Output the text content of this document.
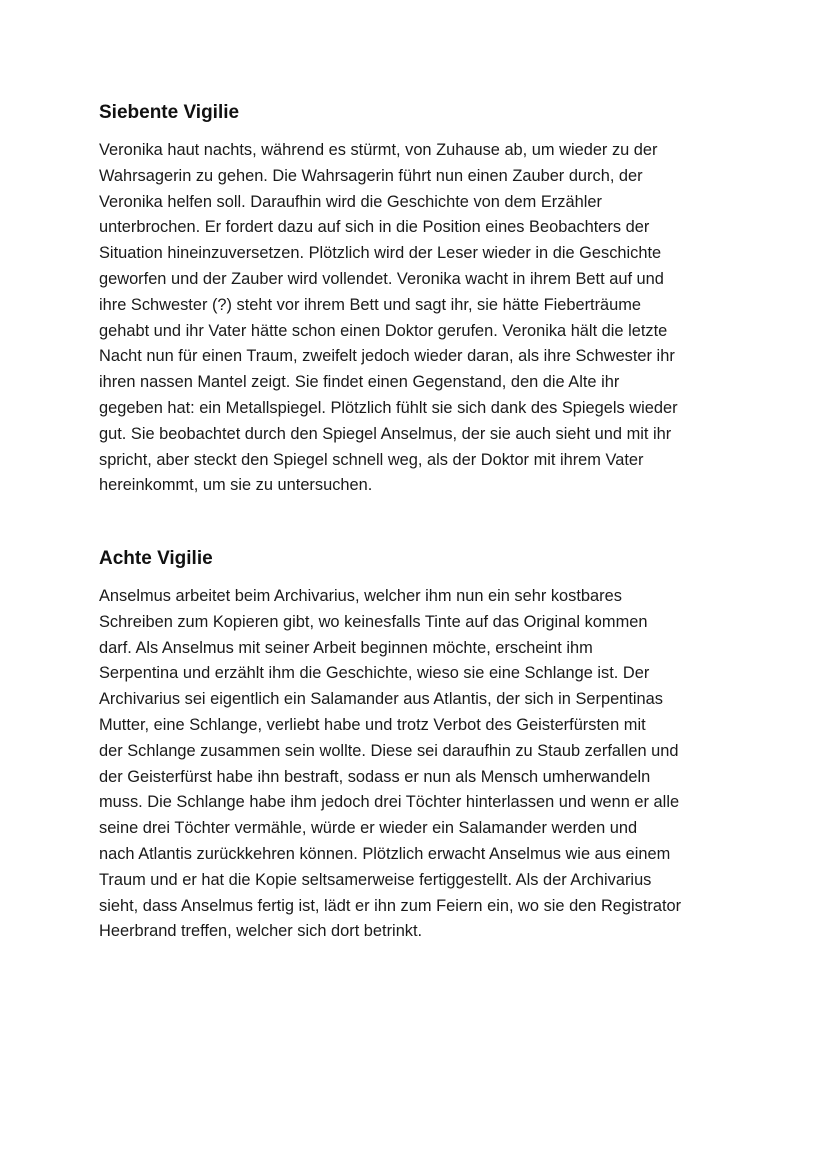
Siebente Vigilie
Veronika haut nachts, während es stürmt, von Zuhause ab, um wieder zu der
Wahrsagerin zu gehen. Die Wahrsagerin führt nun einen Zauber durch, der
Veronika helfen soll. Daraufhin wird die Geschichte von dem Erzähler
unterbrochen. Er fordert dazu auf sich in die Position eines Beobachters der
Situation hineinzuversetzen. Plötzlich wird der Leser wieder in die Geschichte
geworfen und der Zauber wird vollendet. Veronika wacht in ihrem Bett auf und
ihre Schwester (?) steht vor ihrem Bett und sagt ihr, sie hätte Fieberträume
gehabt und ihr Vater hätte schon einen Doktor gerufen. Veronika hält die letzte
Nacht nun für einen Traum, zweifelt jedoch wieder daran, als ihre Schwester ihr
ihren nassen Mantel zeigt. Sie findet einen Gegenstand, den die Alte ihr
gegeben hat: ein Metallspiegel. Plötzlich fühlt sie sich dank des Spiegels wieder
gut. Sie beobachtet durch den Spiegel Anselmus, der sie auch sieht und mit ihr
spricht, aber steckt den Spiegel schnell weg, als der Doktor mit ihrem Vater
hereinkommt, um sie zu untersuchen.
Achte Vigilie
Anselmus arbeitet beim Archivarius, welcher ihm nun ein sehr kostbares
Schreiben zum Kopieren gibt, wo keinesfalls Tinte auf das Original kommen
darf. Als Anselmus mit seiner Arbeit beginnen möchte, erscheint ihm
Serpentina und erzählt ihm die Geschichte, wieso sie eine Schlange ist. Der
Archivarius sei eigentlich ein Salamander aus Atlantis, der sich in Serpentinas
Mutter, eine Schlange, verliebt habe und trotz Verbot des Geisterfürsten mit
der Schlange zusammen sein wollte. Diese sei daraufhin zu Staub zerfallen und
der Geisterfürst habe ihn bestraft, sodass er nun als Mensch umherwandeln
muss. Die Schlange habe ihm jedoch drei Töchter hinterlassen und wenn er alle
seine drei Töchter vermähle, würde er wieder ein Salamander werden und
nach Atlantis zurückkehren können. Plötzlich erwacht Anselmus wie aus einem
Traum und er hat die Kopie seltsamerweise fertiggestellt. Als der Archivarius
sieht, dass Anselmus fertig ist, lädt er ihn zum Feiern ein, wo sie den Registrator
Heerbrand treffen, welcher sich dort betrinkt.
